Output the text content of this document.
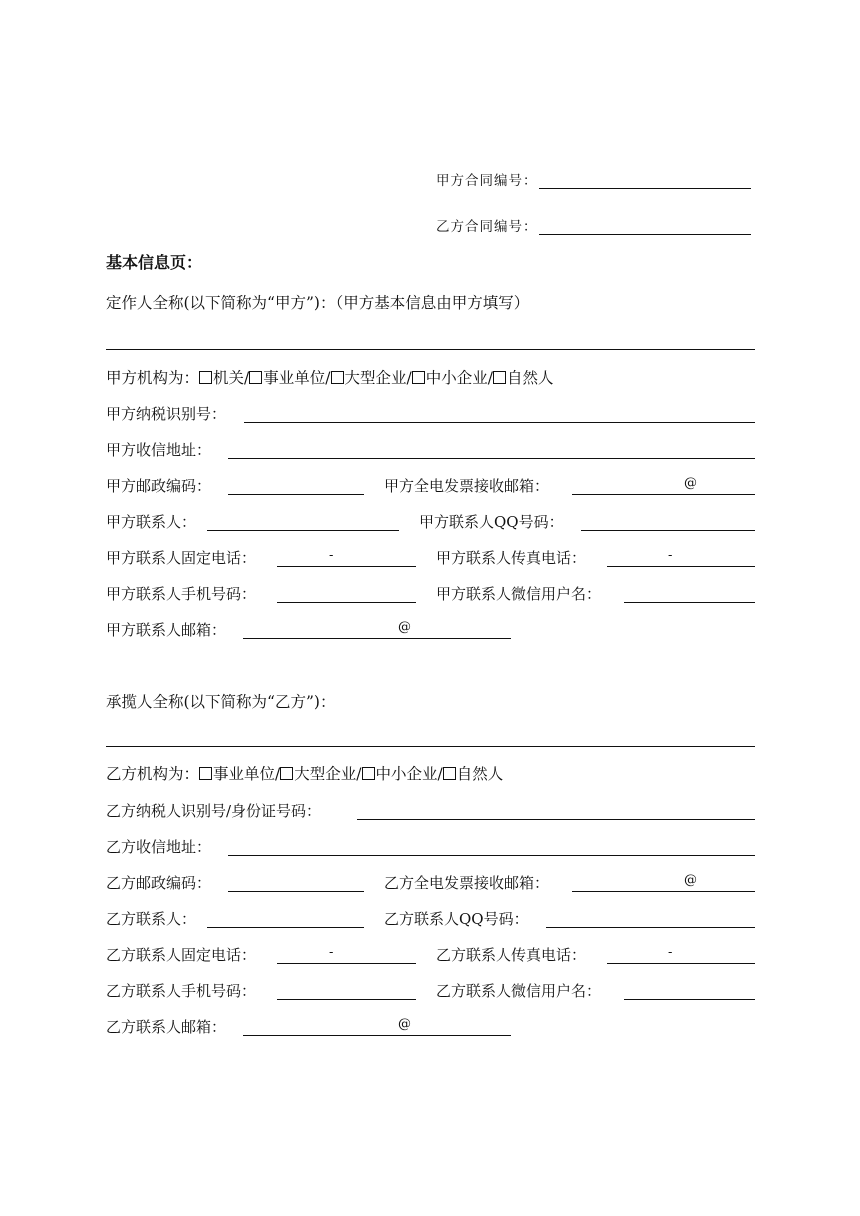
甲方合同编号：
乙方合同编号：
基本信息页：
定作人全称(以下简称为“甲方”)：（甲方基本信息由甲方填写）
甲方机构为： 机关/ 事业单位/ 大型企业/ 中小企业/ 自然人
甲方纳税识别号：
甲方收信地址：
甲方邮政编码：	甲方全电发票接收邮箱：	@
甲方联系人：	甲方联系人QQ号码：
甲方联系人固定电话：	-	甲方联系人传真电话：	-
甲方联系人手机号码：	甲方联系人微信用户名：
甲方联系人邮箱：	@
承揽人全称(以下简称为“乙方”)：
乙方机构为： 事业单位/ 大型企业/ 中小企业/ 自然人
乙方纳税人识别号/身份证号码：
乙方收信地址：
乙方邮政编码：	乙方全电发票接收邮箱：	@
乙方联系人：	乙方联系人QQ号码：
乙方联系人固定电话：	-	乙方联系人传真电话：	-
乙方联系人手机号码：	乙方联系人微信用户名：
乙方联系人邮箱：	@
